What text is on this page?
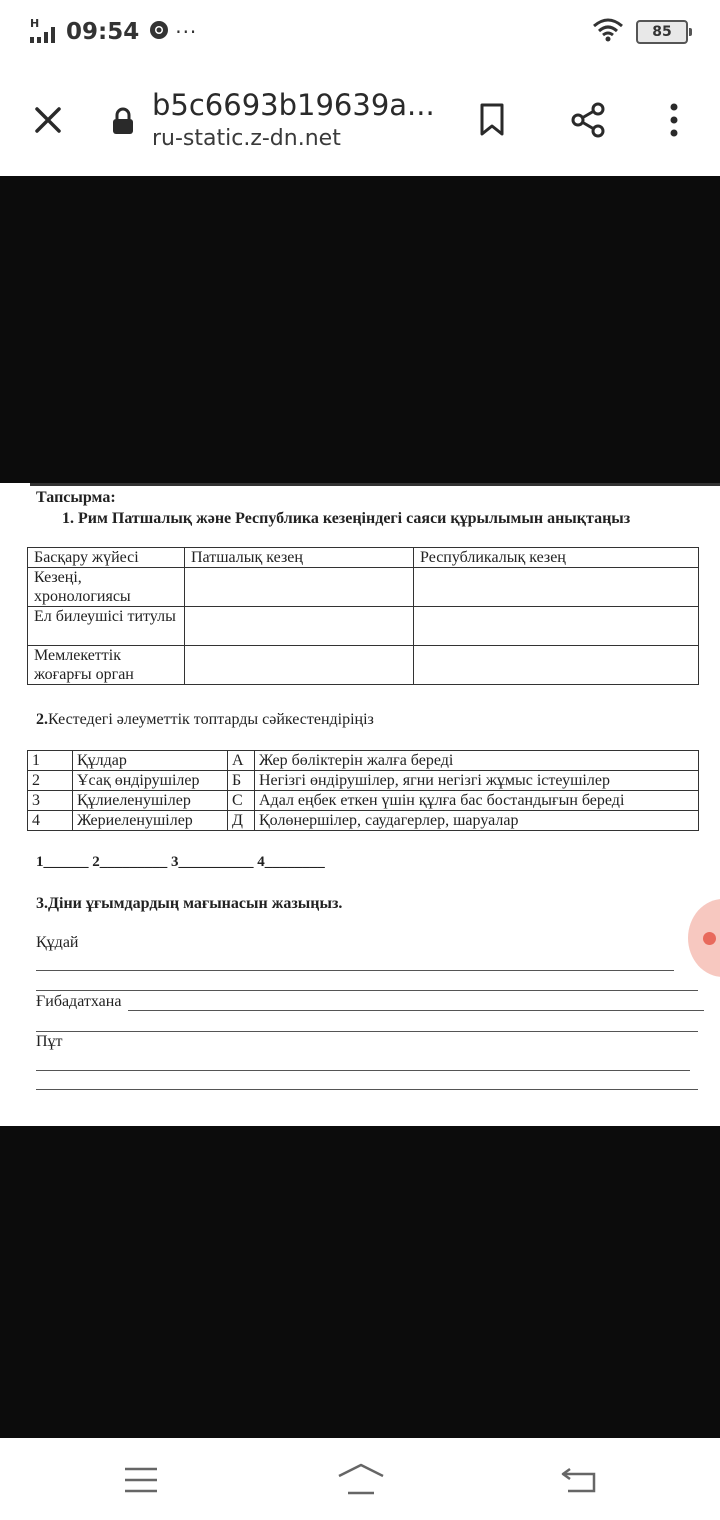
H 09:54 ···	85
b5c6693b19639a...
ru-static.z-dn.net
Тапсырма:
1. Рим Патшалық және Республика кезеңіндегі саяси құрылымын анықтаңыз
Басқару жүйесі	Патшалық кезең	Республикалық кезең
Кезеңі, хронологиясы		
Ел билеушісі титулы		
Мемлекеттік жоғарғы орган		
2.Кестедегі әлеуметтік топтарды сәйкестендіріңіз
1	Құлдар	А	Жер бөліктерін жалға береді
2	Ұсақ өндірушілер	Б	Негізгі өндірушілер, ягни негізгі жұмыс істеушілер
3	Құлиеленушілер	С	Адал еңбек еткен үшін құлға бас бостандығын береді
4	Жериеленушілер	Д	Қолөнершілер, саудагерлер, шаруалар
1______ 2_________ 3__________ 4________
3.Діни ұғымдардың мағынасын жазыңыз.
Құдай
Ғибадатхана
Пұт
